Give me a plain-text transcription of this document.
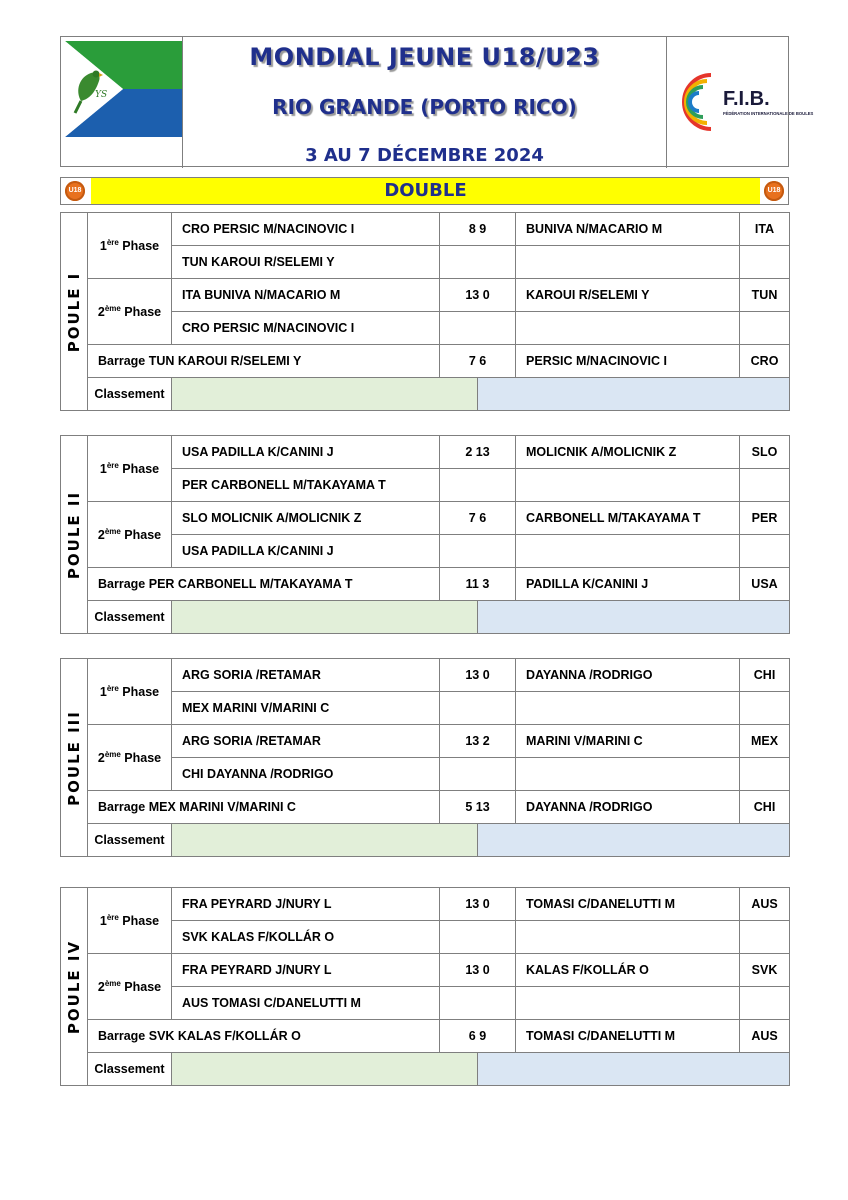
YS
MONDIAL JEUNE U18/U23
RIO GRANDE (PORTO RICO)
3 AU 7 DÉCEMBRE 2024
F.I.B.
FÉDÉRATION INTERNATIONALE DE BOULES
U18	DOUBLE	U18
POULE I	1ère Phase	CRO PERSIC M/NACINOVIC I	8 9		BUNIVA N/MACARIO M	ITA
		TUN KAROUI R/SELEMI Y				
	2ème Phase	ITA BUNIVA N/MACARIO M	13 0		KAROUI R/SELEMI Y	TUN
		CRO PERSIC M/NACINOVIC I				
	Barrage TUN KAROUI R/SELEMI Y		7 6		PERSIC M/NACINOVIC I	CRO
	Classement					
POULE II	1ère Phase	USA PADILLA K/CANINI J	2 13		MOLICNIK A/MOLICNIK Z	SLO
		PER CARBONELL M/TAKAYAMA T				
	2ème Phase	SLO MOLICNIK A/MOLICNIK Z	7 6		CARBONELL M/TAKAYAMA T	PER
		USA PADILLA K/CANINI J				
	Barrage PER CARBONELL M/TAKAYAMA T		11 3		PADILLA K/CANINI J	USA
	Classement					
POULE III	1ère Phase	ARG SORIA /RETAMAR	13 0		DAYANNA /RODRIGO	CHI
		MEX MARINI V/MARINI C				
	2ème Phase	ARG SORIA /RETAMAR	13 2		MARINI V/MARINI C	MEX
		CHI DAYANNA /RODRIGO				
	Barrage MEX MARINI V/MARINI C		5 13		DAYANNA /RODRIGO	CHI
	Classement					
POULE IV	1ère Phase	FRA PEYRARD J/NURY L	13 0		TOMASI C/DANELUTTI M	AUS
		SVK KALAS F/KOLLÁR O				
	2ème Phase	FRA PEYRARD J/NURY L	13 0		KALAS F/KOLLÁR O	SVK
		AUS TOMASI C/DANELUTTI M				
	Barrage SVK KALAS F/KOLLÁR O		6 9		TOMASI C/DANELUTTI M	AUS
	Classement					
